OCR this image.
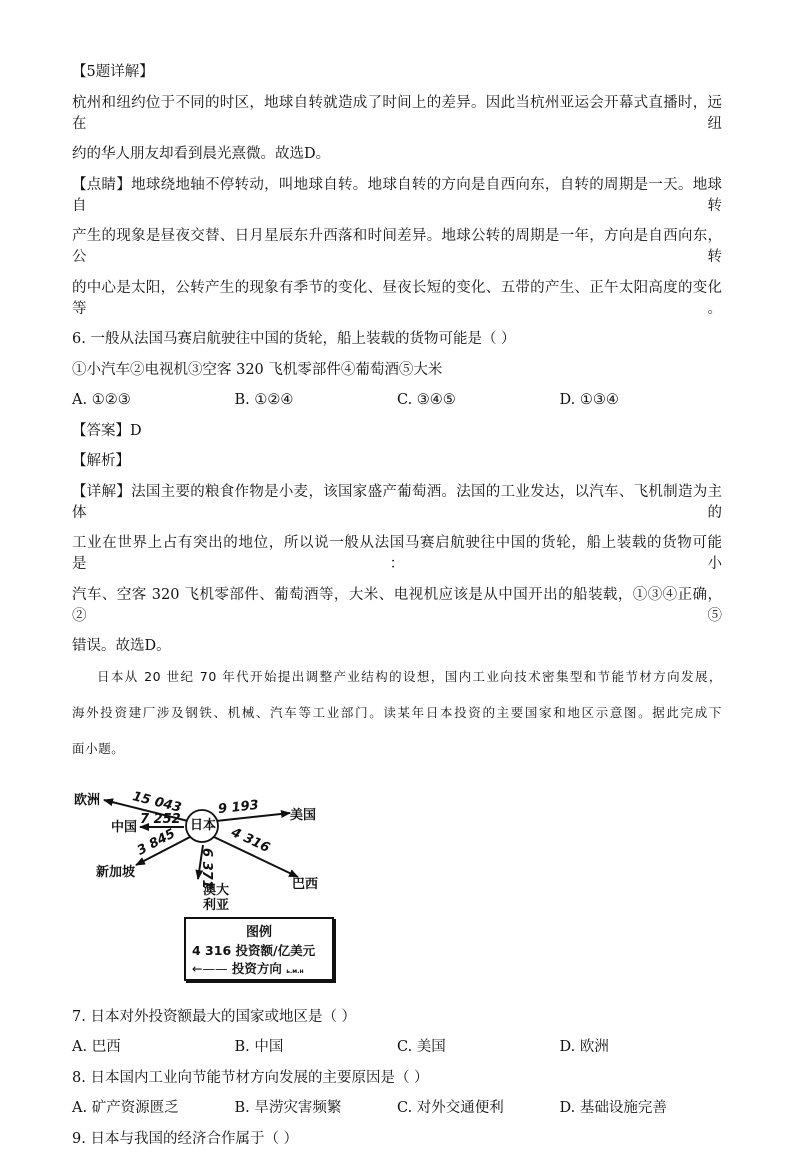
【5题详解】
杭州和纽约位于不同的时区，地球自转就造成了时间上的差异。因此当杭州亚运会开幕式直播时，远在纽
约的华人朋友却看到晨光熹微。故选D。
【点睛】地球绕地轴不停转动，叫地球自转。地球自转的方向是自西向东，自转的周期是一天。地球自转
产生的现象是昼夜交替、日月星辰东升西落和时间差异。地球公转的周期是一年，方向是自西向东，公转
的中心是太阳，公转产生的现象有季节的变化、昼夜长短的变化、五带的产生、正午太阳高度的变化等。
6. 一般从法国马赛启航驶往中国的货轮，船上装载的货物可能是（ ）
①小汽车②电视机③空客 320 飞机零部件④葡萄酒⑤大米
A. ①②③	B. ①②④	C. ③④⑤	D. ①③④
【答案】D
【解析】
【详解】法国主要的粮食作物是小麦，该国家盛产葡萄酒。法国的工业发达，以汽车、飞机制造为主体的
工业在世界上占有突出的地位，所以说一般从法国马赛启航驶往中国的货轮，船上装载的货物可能是：小
汽车、空客 320 飞机零部件、葡萄酒等，大米、电视机应该是从中国开出的船装载，①③④正确，②⑤
错误。故选D。
日本从 20 世纪 70 年代开始提出调整产业结构的设想，国内工业向技术密集型和节能节材方向发展，
海外投资建厂涉及钢铁、机械、汽车等工业部门。读某年日本投资的主要国家和地区示意图。据此完成下
面小题。
日本
欧洲
中国
美国
新加坡
澳大
利亚
巴西
15 043
7 252
9 193
3 845
6 371
4 316
图例
4 316 投资额/亿美元
←—— 投资方向 ь.м.н
7. 日本对外投资额最大的国家或地区是（ ）
A. 巴西	B. 中国	C. 美国	D. 欧洲
8. 日本国内工业向节能节材方向发展的主要原因是（ ）
A. 矿产资源匮乏	B. 旱涝灾害频繁	C. 对外交通便利	D. 基础设施完善
9. 日本与我国的经济合作属于（ ）
